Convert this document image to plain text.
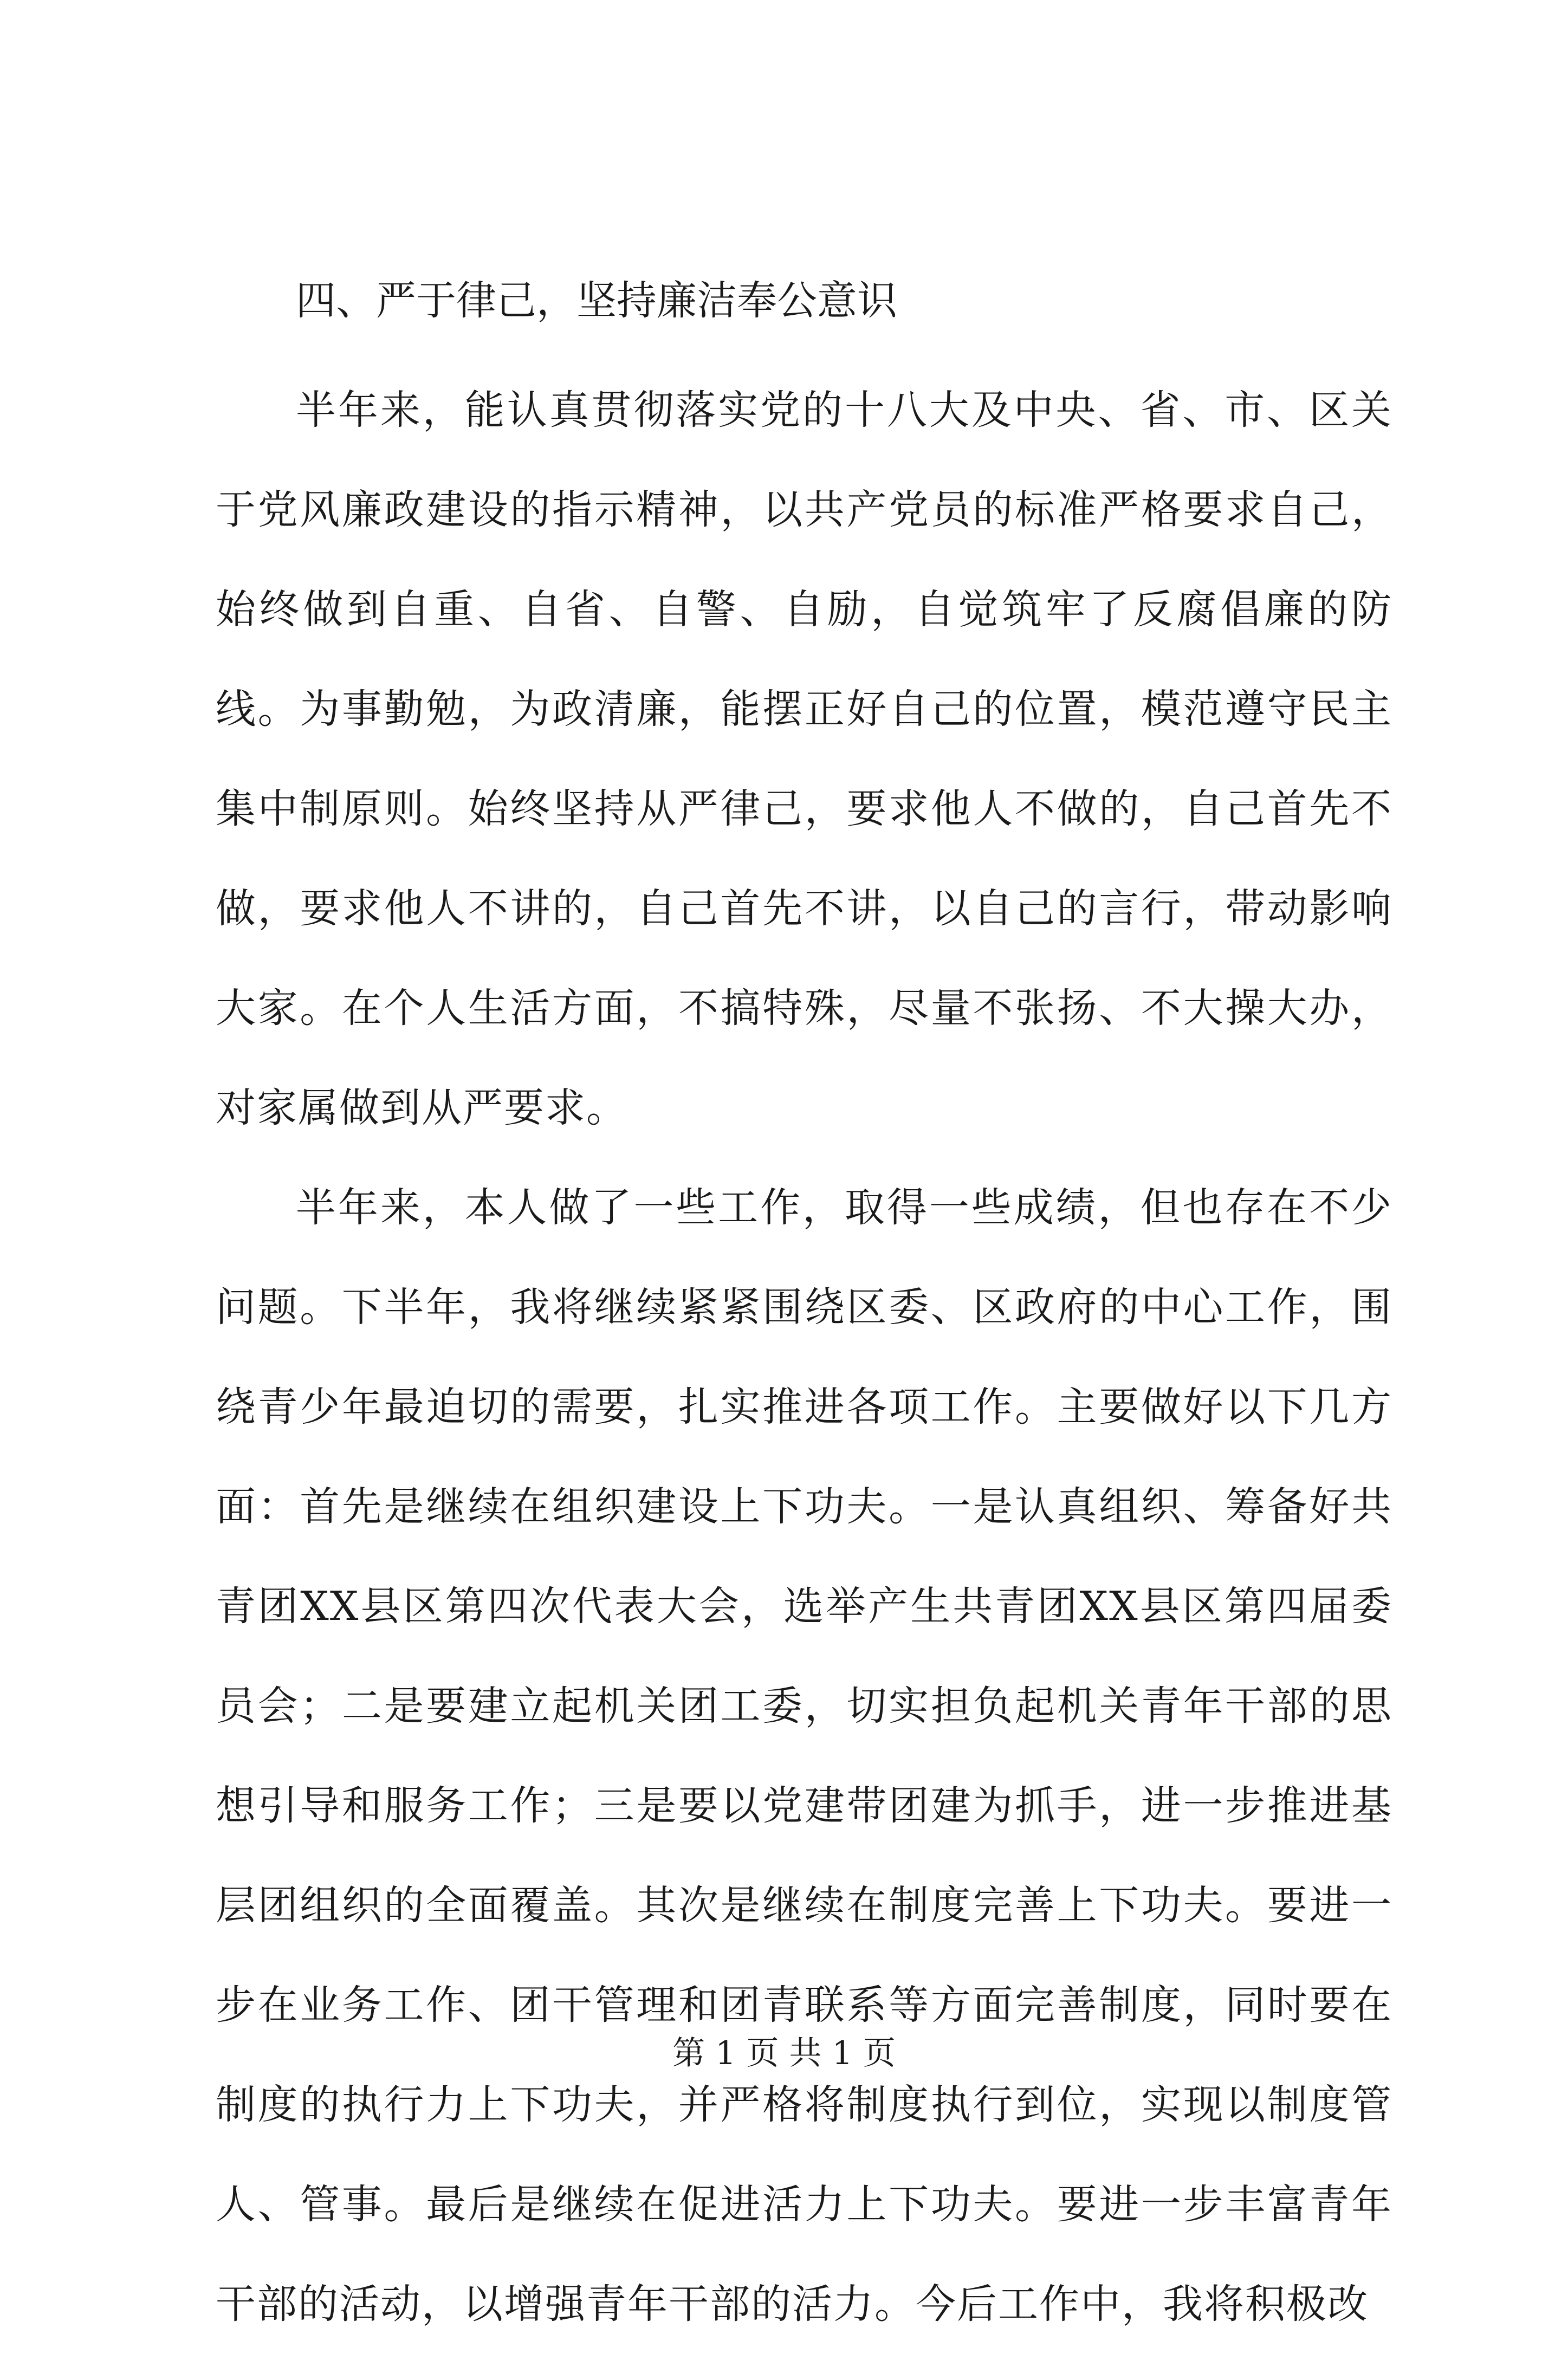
四、严于律己，坚持廉洁奉公意识

半年来，能认真贯彻落实党的十八大及中央、省、市、区关于党风廉政建设的指示精神，以共产党员的标准严格要求自己，始终做到自重、自省、自警、自励，自觉筑牢了反腐倡廉的防线。为事勤勉，为政清廉，能摆正好自己的位置，模范遵守民主集中制原则。始终坚持从严律己，要求他人不做的，自己首先不做，要求他人不讲的，自己首先不讲，以自己的言行，带动影响大家。在个人生活方面，不搞特殊，尽量不张扬、不大操大办，对家属做到从严要求。

半年来，本人做了一些工作，取得一些成绩，但也存在不少问题。下半年，我将继续紧紧围绕区委、区政府的中心工作，围绕青少年最迫切的需要，扎实推进各项工作。主要做好以下几方面：首先是继续在组织建设上下功夫。一是认真组织、筹备好共青团XX县区第四次代表大会，选举产生共青团XX县区第四届委员会；二是要建立起机关团工委，切实担负起机关青年干部的思想引导和服务工作；三是要以党建带团建为抓手，进一步推进基层团组织的全面覆盖。其次是继续在制度完善上下功夫。要进一步在业务工作、团干管理和团青联系等方面完善制度，同时要在制度的执行力上下功夫，并严格将制度执行到位，实现以制度管人、管事。最后是继续在促进活力上下功夫。要进一步丰富青年干部的活动，以增强青年干部的活力。今后工作中，我将积极改

第 1 页 共 1 页
